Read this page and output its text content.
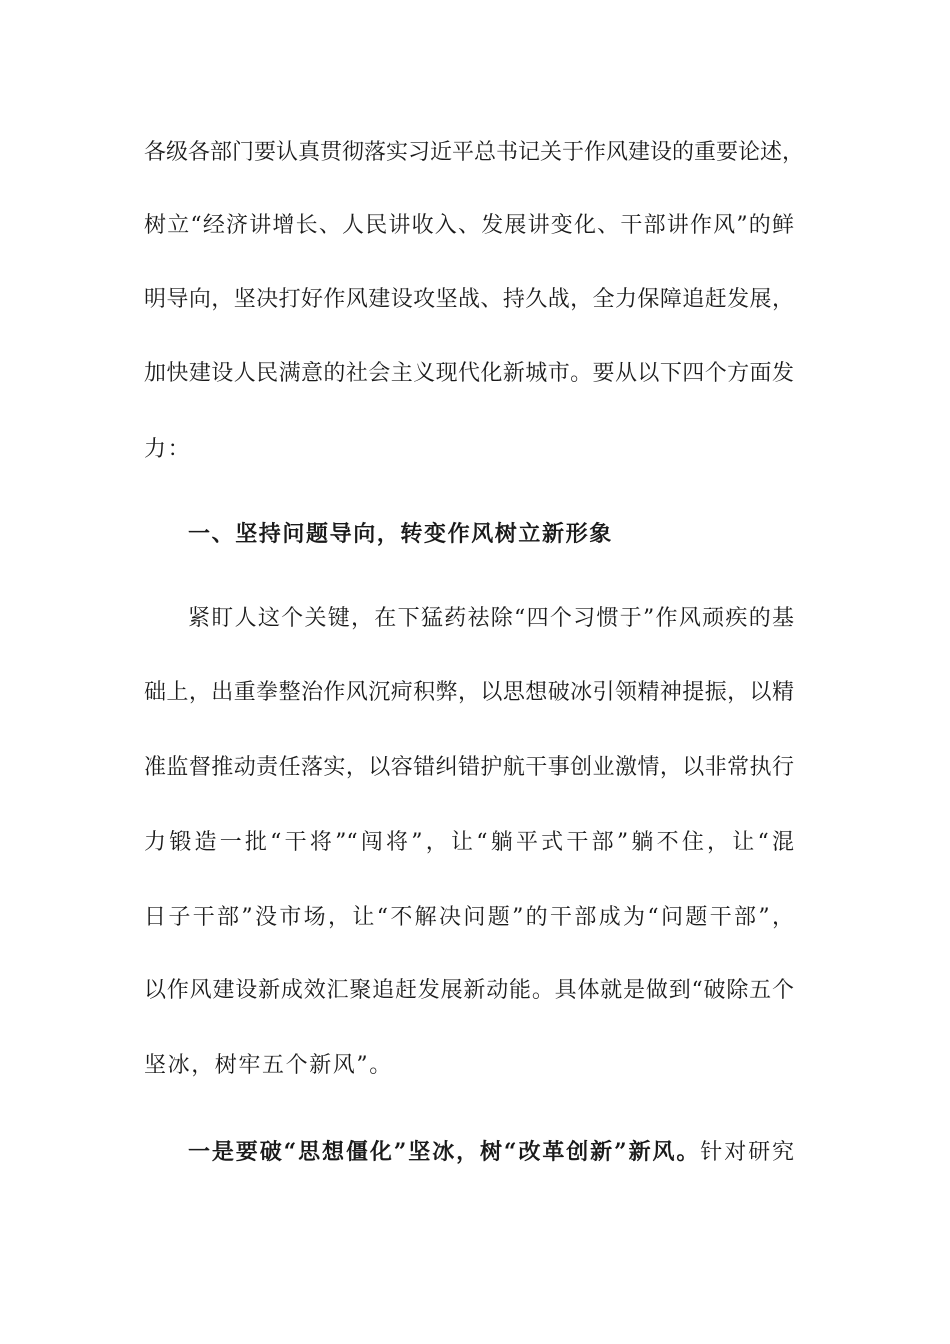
各级各部门要认真贯彻落实习近平总书记关于作风建设的重要论述，
树立“经济讲增长、人民讲收入、发展讲变化、干部讲作风”的鲜
明导向，坚决打好作风建设攻坚战、持久战，全力保障追赶发展，
加快建设人民满意的社会主义现代化新城市。要从以下四个方面发
力：
一、坚持问题导向，转变作风树立新形象
紧盯人这个关键，在下猛药祛除“四个习惯于”作风顽疾的基
础上，出重拳整治作风沉疴积弊，以思想破冰引领精神提振，以精
准监督推动责任落实，以容错纠错护航干事创业激情，以非常执行
力锻造一批“干将”“闯将”，让“躺平式干部”躺不住，让“混
日子干部”没市场，让“不解决问题”的干部成为“问题干部”，
以作风建设新成效汇聚追赶发展新动能。具体就是做到“破除五个
坚冰，树牢五个新风”。
一是要破“思想僵化”坚冰，树“改革创新”新风。针对研究
